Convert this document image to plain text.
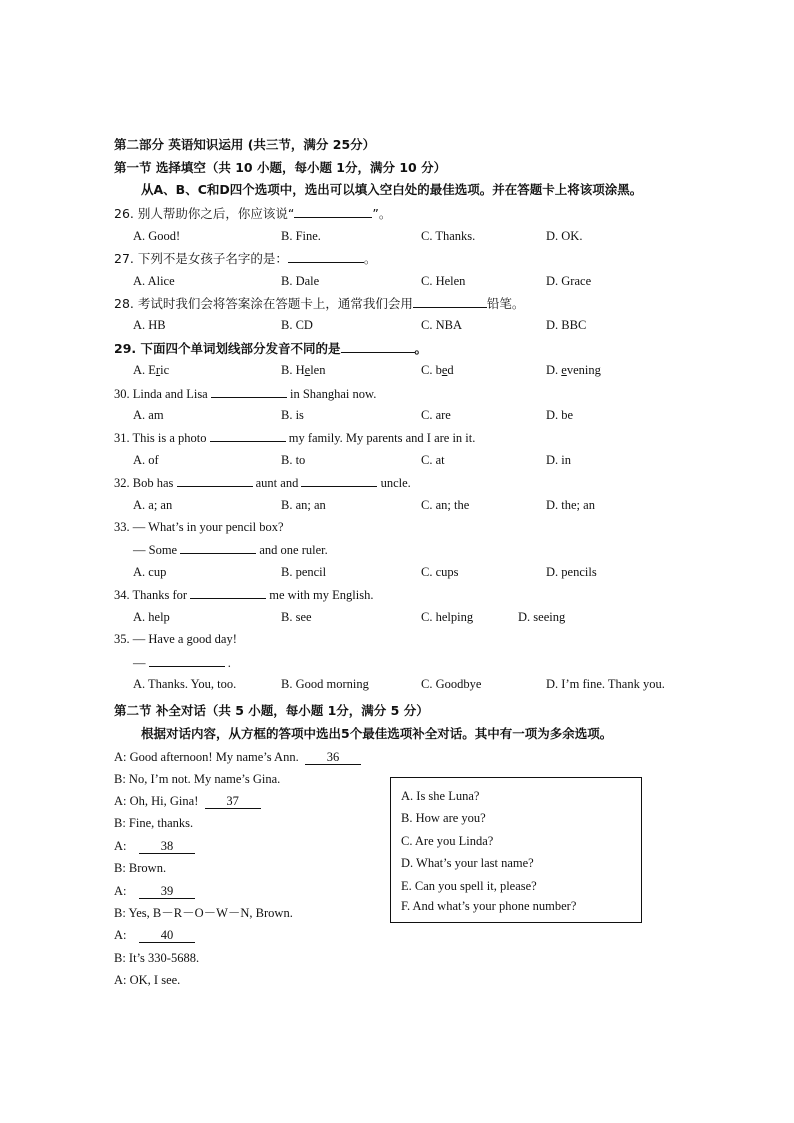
第二部分 英语知识运用 (共三节，满分 25分）
第一节 选择填空（共 10 小题，每小题 1分，满分 10 分）
从A、B、C和D四个选项中，选出可以填入空白处的最佳选项。并在答题卡上将该项涂黑。
26. 别人帮助你之后，你应该说“	”。
A. Good!	B. Fine.	C. Thanks.	D. OK.
27. 下列不是女孩子名字的是：	。
A. Alice	B. Dale	C. Helen	D. Grace
28. 考试时我们会将答案涂在答题卡上，通常我们会用	铅笔。
A. HB	B. CD	C. NBA	D. BBC
29. 下面四个单词划线部分发音不同的是	。
A. Eric	B. Helen	C. bed	D. evening
30. Linda and Lisa	in Shanghai now.
A. am	B. is	C. are	D. be
31. This is a photo	my family. My parents and I are in it.
A. of	B. to	C. at	D. in
32. Bob has	aunt and	uncle.
A. a; an	B. an; an	C. an; the	D. the; an
33. — What’s in your pencil box?
— Some	and one ruler.
A. cup	B. pencil	C. cups	D. pencils
34. Thanks for	me with my English.
A. help	B. see	C. helping	D. seeing
35. — Have a good day!
—	.
A. Thanks. You, too.	B. Good morning	C. Goodbye	D. I’m fine. Thank you.
第二节 补全对话（共 5 小题，每小题 1分，满分 5 分）
根据对话内容，从方框的答项中选出5个最佳选项补全对话。其中有一项为多余选项。
A: Good afternoon! My name’s Ann. 36
B: No, I’m not. My name’s Gina.
A: Oh, Hi, Gina! 37
B: Fine, thanks.
A:	38
B: Brown.
A:	39
B: Yes, B－R－O－W－N, Brown.
A:	40
B: It’s 330-5688.
A: OK, I see.
A. Is she Luna?
B. How are you?
C. Are you Linda?
D. What’s your last name?
E. Can you spell it, please?
F. And what’s your phone number?
